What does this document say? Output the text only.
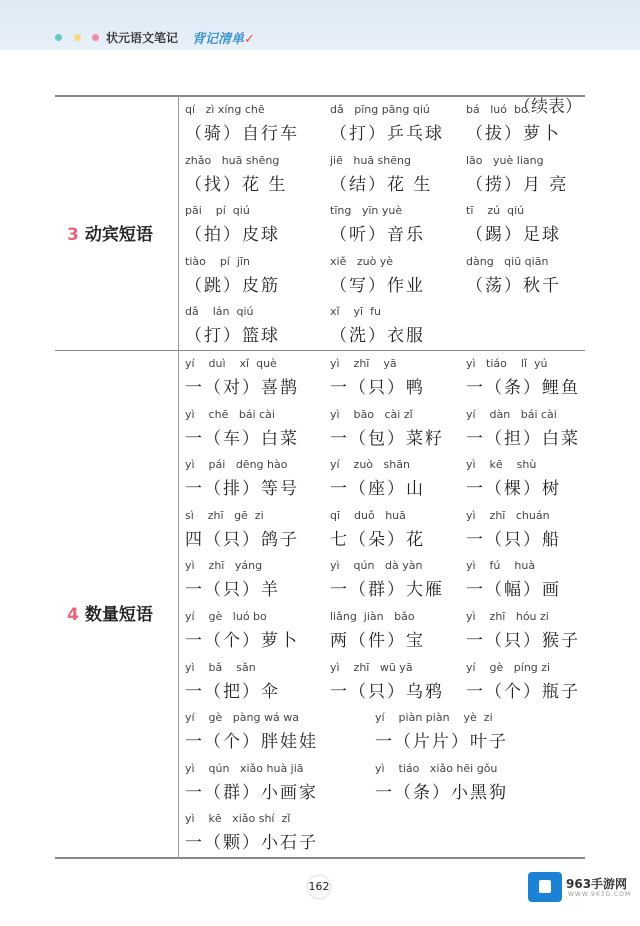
状元语文笔记 背记清单✓
（续表）
3 动宾短语
qí   zì xíng chē
（骑）自行车
dǎ   pīng pāng qiú
（打）乒乓球
bá   luó  bo
（拔）萝卜
zhǎo   huā shēng
（找）花 生
jiē   huā shēng
（结）花 生
lāo   yuè liang
（捞）月 亮
pāi    pí  qiú
（拍）皮球
tīng   yīn yuè
（听）音乐
tī    zú  qiú
（踢）足球
tiào    pí  jīn
（跳）皮筋
xiě   zuò yè
（写）作业
dàng   qiū qiān
（荡）秋千
dǎ    lán  qiú
（打）篮球
xǐ    yī  fu
（洗）衣服
4 数量短语
yí    duì    xǐ  què
一（对）喜鹊
yì    zhī    yā
一（只）鸭
yì   tiáo    lǐ  yú
一（条）鲤鱼
yì    chē   bái cài
一（车）白菜
yì    bāo   cài zǐ
一（包）菜籽
yí    dàn   bái cài
一（担）白菜
yì    pái   dēng hào
一（排）等号
yí    zuò   shān
一（座）山
yì    kē    shù
一（棵）树
sì    zhī   gē  zi
四（只）鸽子
qī    duǒ   huā
七（朵）花
yì    zhī   chuán
一（只）船
yì    zhī   yáng
一（只）羊
yì    qún   dà yàn
一（群）大雁
yì    fú    huà
一（幅）画
yí    gè   luó bo
一（个）萝卜
liǎng  jiàn   bǎo
两（件）宝
yì    zhī   hóu zi
一（只）猴子
yì    bǎ    sǎn
一（把）伞
yì    zhī   wū yā
一（只）乌鸦
yí    gè   píng zi
一（个）瓶子
yí    gè   pàng wá wa
一（个）胖娃娃
yí    piàn piàn    yè  zi
一（片片）叶子
yì    qún   xiǎo huà jiā
一（群）小画家
yì    tiáo   xiǎo hēi gǒu
一（条）小黑狗
yì    kē   xiǎo shí  zǐ
一（颗）小石子
162	963手游网
WWW.963G.COM
